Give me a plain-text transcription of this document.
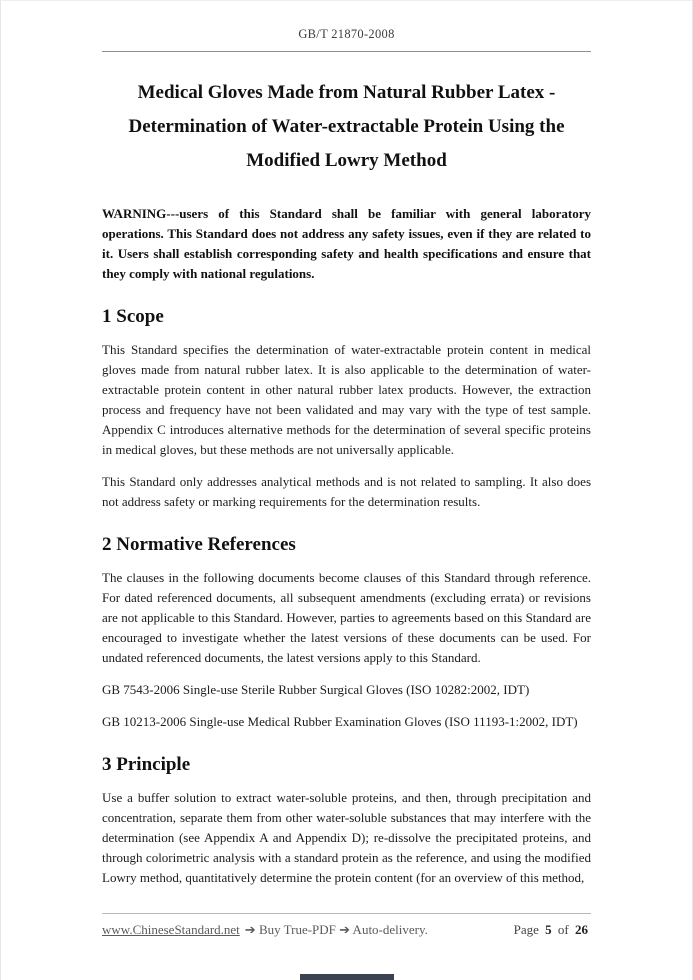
GB/T 21870-2008
Medical Gloves Made from Natural Rubber Latex -
Determination of Water-extractable Protein Using the
Modified Lowry Method

WARNING---users of this Standard shall be familiar with general laboratory operations. This Standard does not address any safety issues, even if they are related to it. Users shall establish corresponding safety and health specifications and ensure that they comply with national regulations.

1 Scope

This Standard specifies the determination of water-extractable protein content in medical gloves made from natural rubber latex. It is also applicable to the determination of water-extractable protein content in other natural rubber latex products. However, the extraction process and frequency have not been validated and may vary with the type of test sample. Appendix C introduces alternative methods for the determination of several specific proteins in medical gloves, but these methods are not universally applicable.

This Standard only addresses analytical methods and is not related to sampling. It also does not address safety or marking requirements for the determination results.

2 Normative References

The clauses in the following documents become clauses of this Standard through reference. For dated referenced documents, all subsequent amendments (excluding errata) or revisions are not applicable to this Standard. However, parties to agreements based on this Standard are encouraged to investigate whether the latest versions of these documents can be used. For undated referenced documents, the latest versions apply to this Standard.

GB 7543-2006 Single-use Sterile Rubber Surgical Gloves (ISO 10282:2002, IDT)

GB 10213-2006 Single-use Medical Rubber Examination Gloves (ISO 11193-1:2002, IDT)

3 Principle

Use a buffer solution to extract water-soluble proteins, and then, through precipitation and concentration, separate them from other water-soluble substances that may interfere with the determination (see Appendix A and Appendix D); re-dissolve the precipitated proteins, and through colorimetric analysis with a standard protein as the reference, and using the modified Lowry method, quantitatively determine the protein content (for an overview of this method,

www.ChineseStandard.net ➔ Buy True-PDF ➔ Auto-delivery.	Page 5 of 26
